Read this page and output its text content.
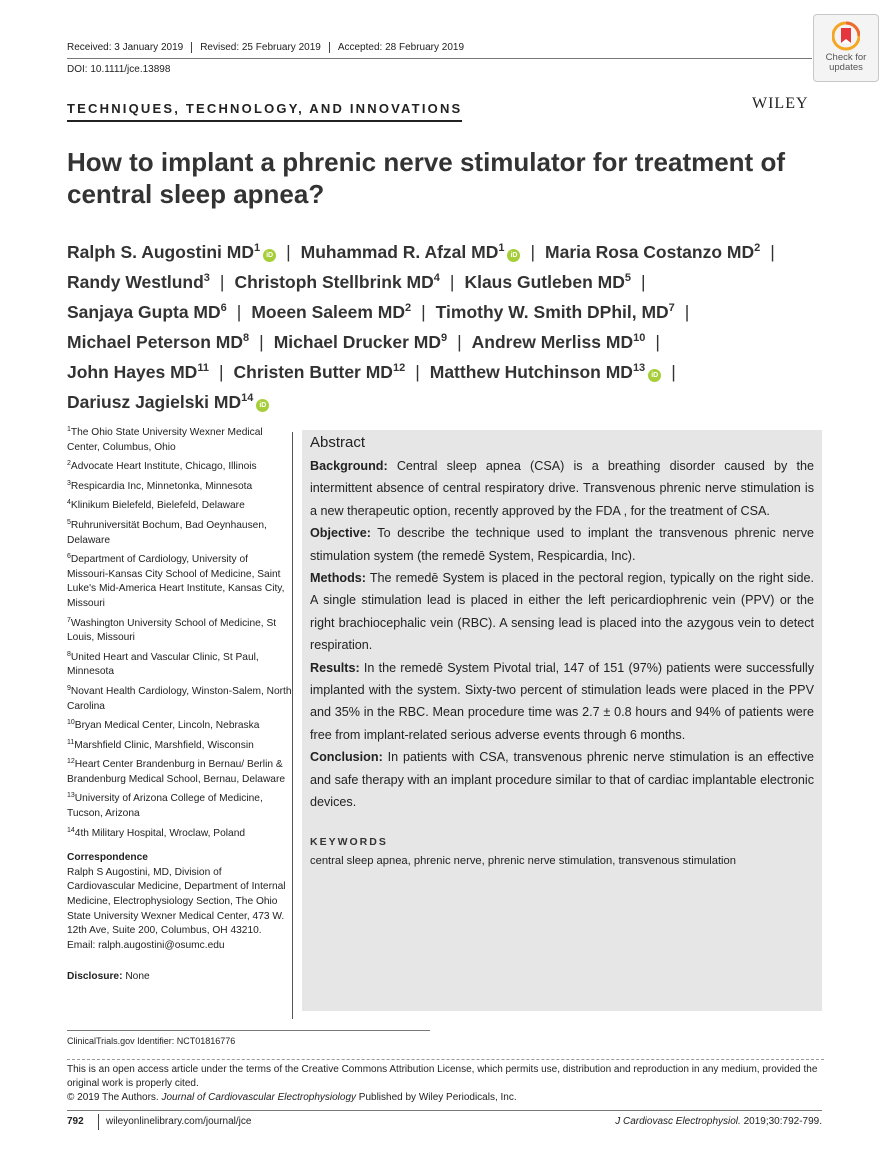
Received: 3 January 2019	Revised: 25 February 2019	Accepted: 28 February 2019
DOI: 10.1111/jce.13898
Check for updates
TECHNIQUES, TECHNOLOGY, AND INNOVATIONS	WILEY
How to implant a phrenic nerve stimulator for treatment of central sleep apnea?
Ralph S. Augostini $MD^1iD$ | Muhammad R. Afzal $MD^1iD$ | Maria Rosa Costanzo $MD^2$ |
Randy Westlund$^3$ | Christoph Stellbrink $MD^4$ | Klaus Gutleben $MD^5$ |
Sanjaya Gupta $MD^6$ | Moeen Saleem $MD^2$ | Timothy W. Smith DPhil, $MD^7$ |
Michael Peterson $MD^8$ | Michael Drucker $MD^9$ | Andrew Merliss MD$^{10}$ |
John Hayes MD$^{11}$ | Christen Butter MD$^{12}$ | Matthew Hutchinson MD$^{13}$iD |
Dariusz Jagielski MD$^{14}$iD
$^1$The Ohio State University Wexner Medical Center, Columbus, Ohio
$^2$Advocate Heart Institute, Chicago, Illinois
$^3$Respicardia Inc, Minnetonka, Minnesota
$^4$Klinikum Bielefeld, Bielefeld, Delaware
$^5$Ruhruniversität Bochum, Bad Oeynhausen, Delaware
$^6$Department of Cardiology, University of Missouri-Kansas City School of Medicine, Saint Luke's Mid-America Heart Institute, Kansas City, Missouri
$^7$Washington University School of Medicine, St Louis, Missouri
$^8$United Heart and Vascular Clinic, St Paul, Minnesota
$^9$Novant Health Cardiology, Winston-Salem, North Carolina
$^{10}$Bryan Medical Center, Lincoln, Nebraska
$^{11}$Marshfield Clinic, Marshfield, Wisconsin
$^{12}$Heart Center Brandenburg in Bernau/ Berlin & Brandenburg Medical School, Bernau, Delaware
$^{13}$University of Arizona College of Medicine, Tucson, Arizona
$^{14}$4th Military Hospital, Wroclaw, Poland
Correspondence
Ralph S Augostini, MD, Division of Cardiovascular Medicine, Department of Internal Medicine, Electrophysiology Section, The Ohio State University Wexner Medical Center, 473 W. 12th Ave, Suite 200, Columbus, OH 43210.
Email: ralph.augostini@osumc.edu
Disclosure: None
Abstract

Background: Central sleep apnea (CSA) is a breathing disorder caused by the intermittent absence of central respiratory drive. Transvenous phrenic nerve stimulation is a new therapeutic option, recently approved by the FDA , for the treatment of CSA.

Objective: To describe the technique used to implant the transvenous phrenic nerve stimulation system (the remedē System, Respicardia, Inc).

Methods: The remedē System is placed in the pectoral region, typically on the right side. A single stimulation lead is placed in either the left pericardiophrenic vein (PPV) or the right brachiocephalic vein (RBC). A sensing lead is placed into the azygous vein to detect respiration.

Results: In the remedē System Pivotal trial, 147 of 151 (97%) patients were successfully implanted with the system. Sixty-two percent of stimulation leads were placed in the PPV and 35% in the RBC. Mean procedure time was 2.7 ± 0.8 hours and 94% of patients were free from implant-related serious adverse events through 6 months.

Conclusion: In patients with CSA, transvenous phrenic nerve stimulation is an effective and safe therapy with an implant procedure similar to that of cardiac implantable electronic devices.

KEYWORDS
central sleep apnea, phrenic nerve, phrenic nerve stimulation, transvenous stimulation
ClinicalTrials.gov Identifier: NCT01816776
This is an open access article under the terms of the Creative Commons Attribution License, which permits use, distribution and reproduction in any medium, provided the original work is properly cited.
© 2019 The Authors. Journal of Cardiovascular Electrophysiology Published by Wiley Periodicals, Inc.
792 wileyonlinelibrary.com/journal/jce	J Cardiovasc Electrophysiol. 2019;30:792-799.
